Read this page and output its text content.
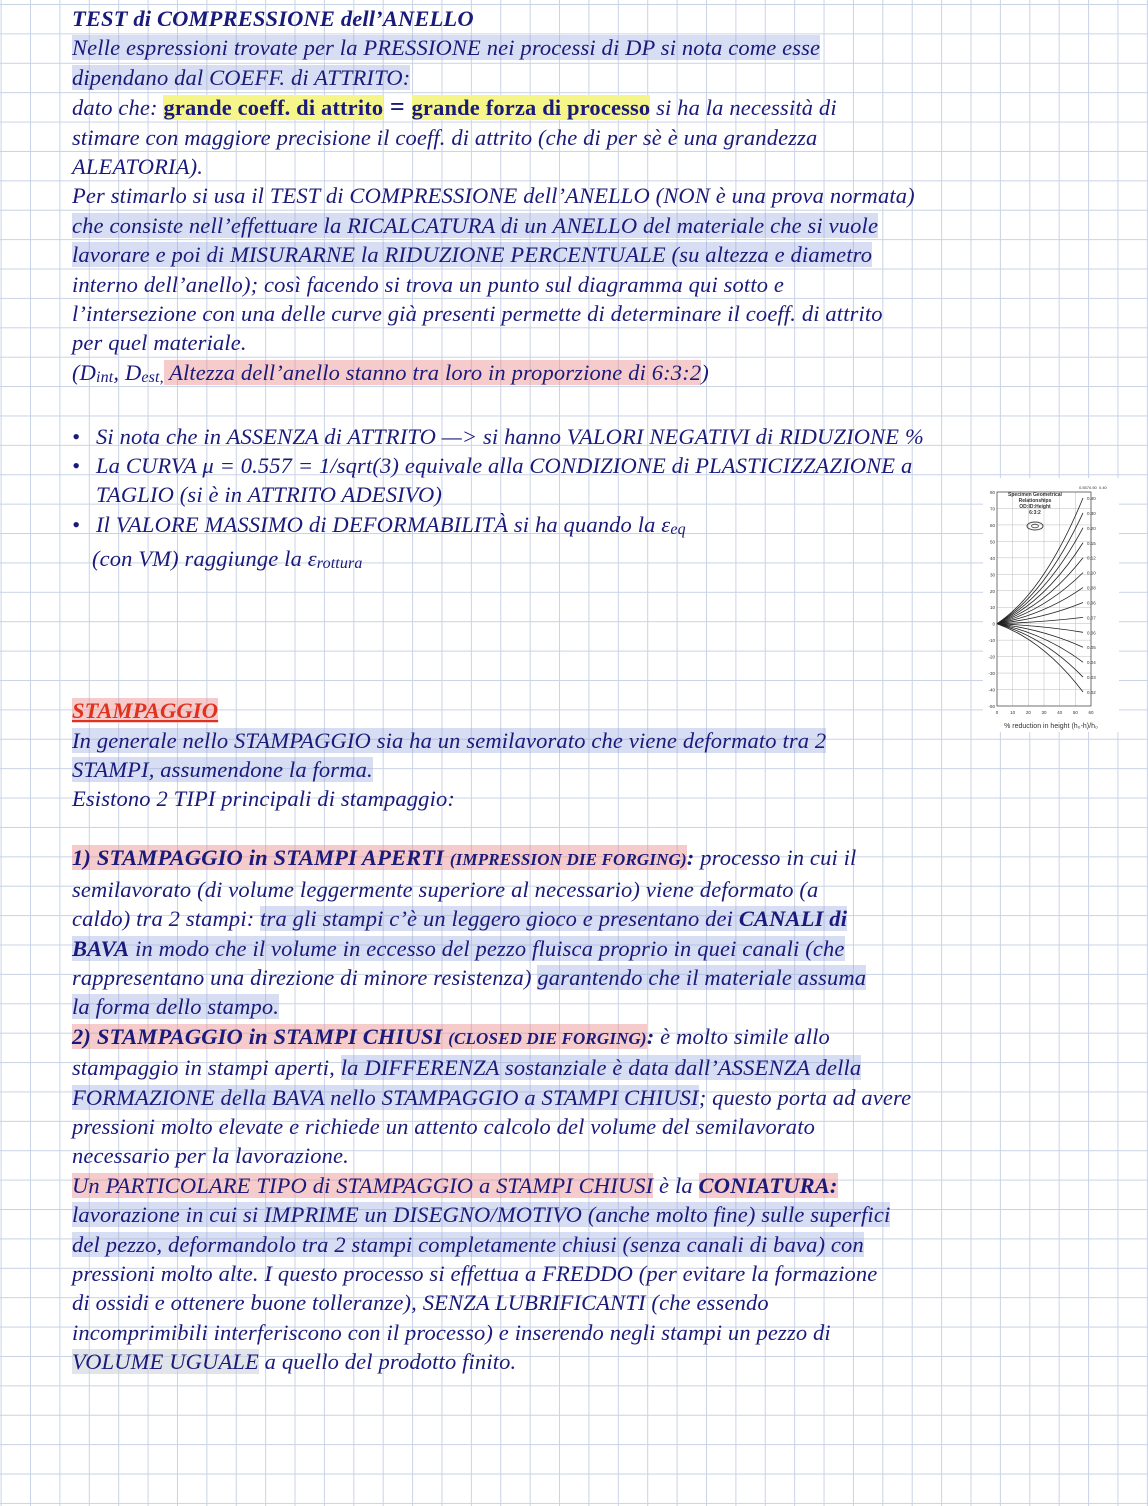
TEST di COMPRESSIONE dell’ANELLO
Nelle espressioni trovate per la PRESSIONE nei processi di DP si nota come esse
dipendano dal COEFF. di ATTRITO:
dato che: grande coeff. di attrito = grande forza di processo si ha la necessità di
stimare con maggiore precisione il coeff. di attrito (che di per sè è una grandezza
ALEATORIA).
Per stimarlo si usa il TEST di COMPRESSIONE dell’ANELLO (NON è una prova normata)
che consiste nell’effettuare la RICALCATURA di un ANELLO del materiale che si vuole
lavorare e poi di MISURARNE la RIDUZIONE PERCENTUALE (su altezza e diametro
interno dell’anello); così facendo si trova un punto sul diagramma qui sotto e
l’intersezione con una delle curve già presenti permette di determinare il coeff. di attrito
per quel materiale.
(Dint, Dest, Altezza dell’anello stanno tra loro in proporzione di 6:3:2)
• Si nota che in ASSENZA di ATTRITO —> si hanno VALORI NEGATIVI di RIDUZIONE %
• La CURVA μ = 0.557 = 1/sqrt(3) equivale alla CONDIZIONE di PLASTICIZZAZIONE a
TAGLIO (si è in ATTRITO ADESIVO)
• Il VALORE MASSIMO di DEFORMABILITÀ si ha quando la εeq
(con VM) raggiunge la εrottura
STAMPAGGIO
In generale nello STAMPAGGIO sia ha un semilavorato che viene deformato tra 2
STAMPI, assumendone la forma.
Esistono 2 TIPI principali di stampaggio:
1) STAMPAGGIO in STAMPI APERTI (IMPRESSION DIE FORGING): processo in cui il
semilavorato (di volume leggermente superiore al necessario) viene deformato (a
caldo) tra 2 stampi: tra gli stampi c’è un leggero gioco e presentano dei CANALI di
BAVA in modo che il volume in eccesso del pezzo fluisca proprio in quei canali (che
rappresentano una direzione di minore resistenza) garantendo che il materiale assuma
la forma dello stampo.
2) STAMPAGGIO in STAMPI CHIUSI (CLOSED DIE FORGING): è molto simile allo
stampaggio in stampi aperti, la DIFFERENZA sostanziale è data dall’ASSENZA della
FORMAZIONE della BAVA nello STAMPAGGIO a STAMPI CHIUSI; questo porta ad avere
pressioni molto elevate e richiede un attento calcolo del volume del semilavorato
necessario per la lavorazione.
Un PARTICOLARE TIPO di STAMPAGGIO a STAMPI CHIUSI è la CONIATURA:
lavorazione in cui si IMPRIME un DISEGNO/MOTIVO (anche molto fine) sulle superfici
del pezzo, deformandolo tra 2 stampi completamente chiusi (senza canali di bava) con
pressioni molto alte. I questo processo si effettua a FREDDO (per evitare la formazione
di ossidi e ottenere buone tolleranze), SENZA LUBRIFICANTI (che essendo
incomprimibili interferiscono con il processo) e inserendo negli stampi un pezzo di
VOLUME UGUALE a quello del prodotto finito.
80
70
60
50
40
30
20
10
0
-10
-20
-30
-40
-50
0	10 20 30 40 50 60
Specimen Geometrical Relationships OD:ID:Height 6:3:2
0.40
0.30
0.20
0.15
0.12
0.10
0.08
0.06
0.07
0.06
0.05
0.04
0.03
0.02
0.557 0.50 0.40
% reduction in height (h₀-h)/h₀
